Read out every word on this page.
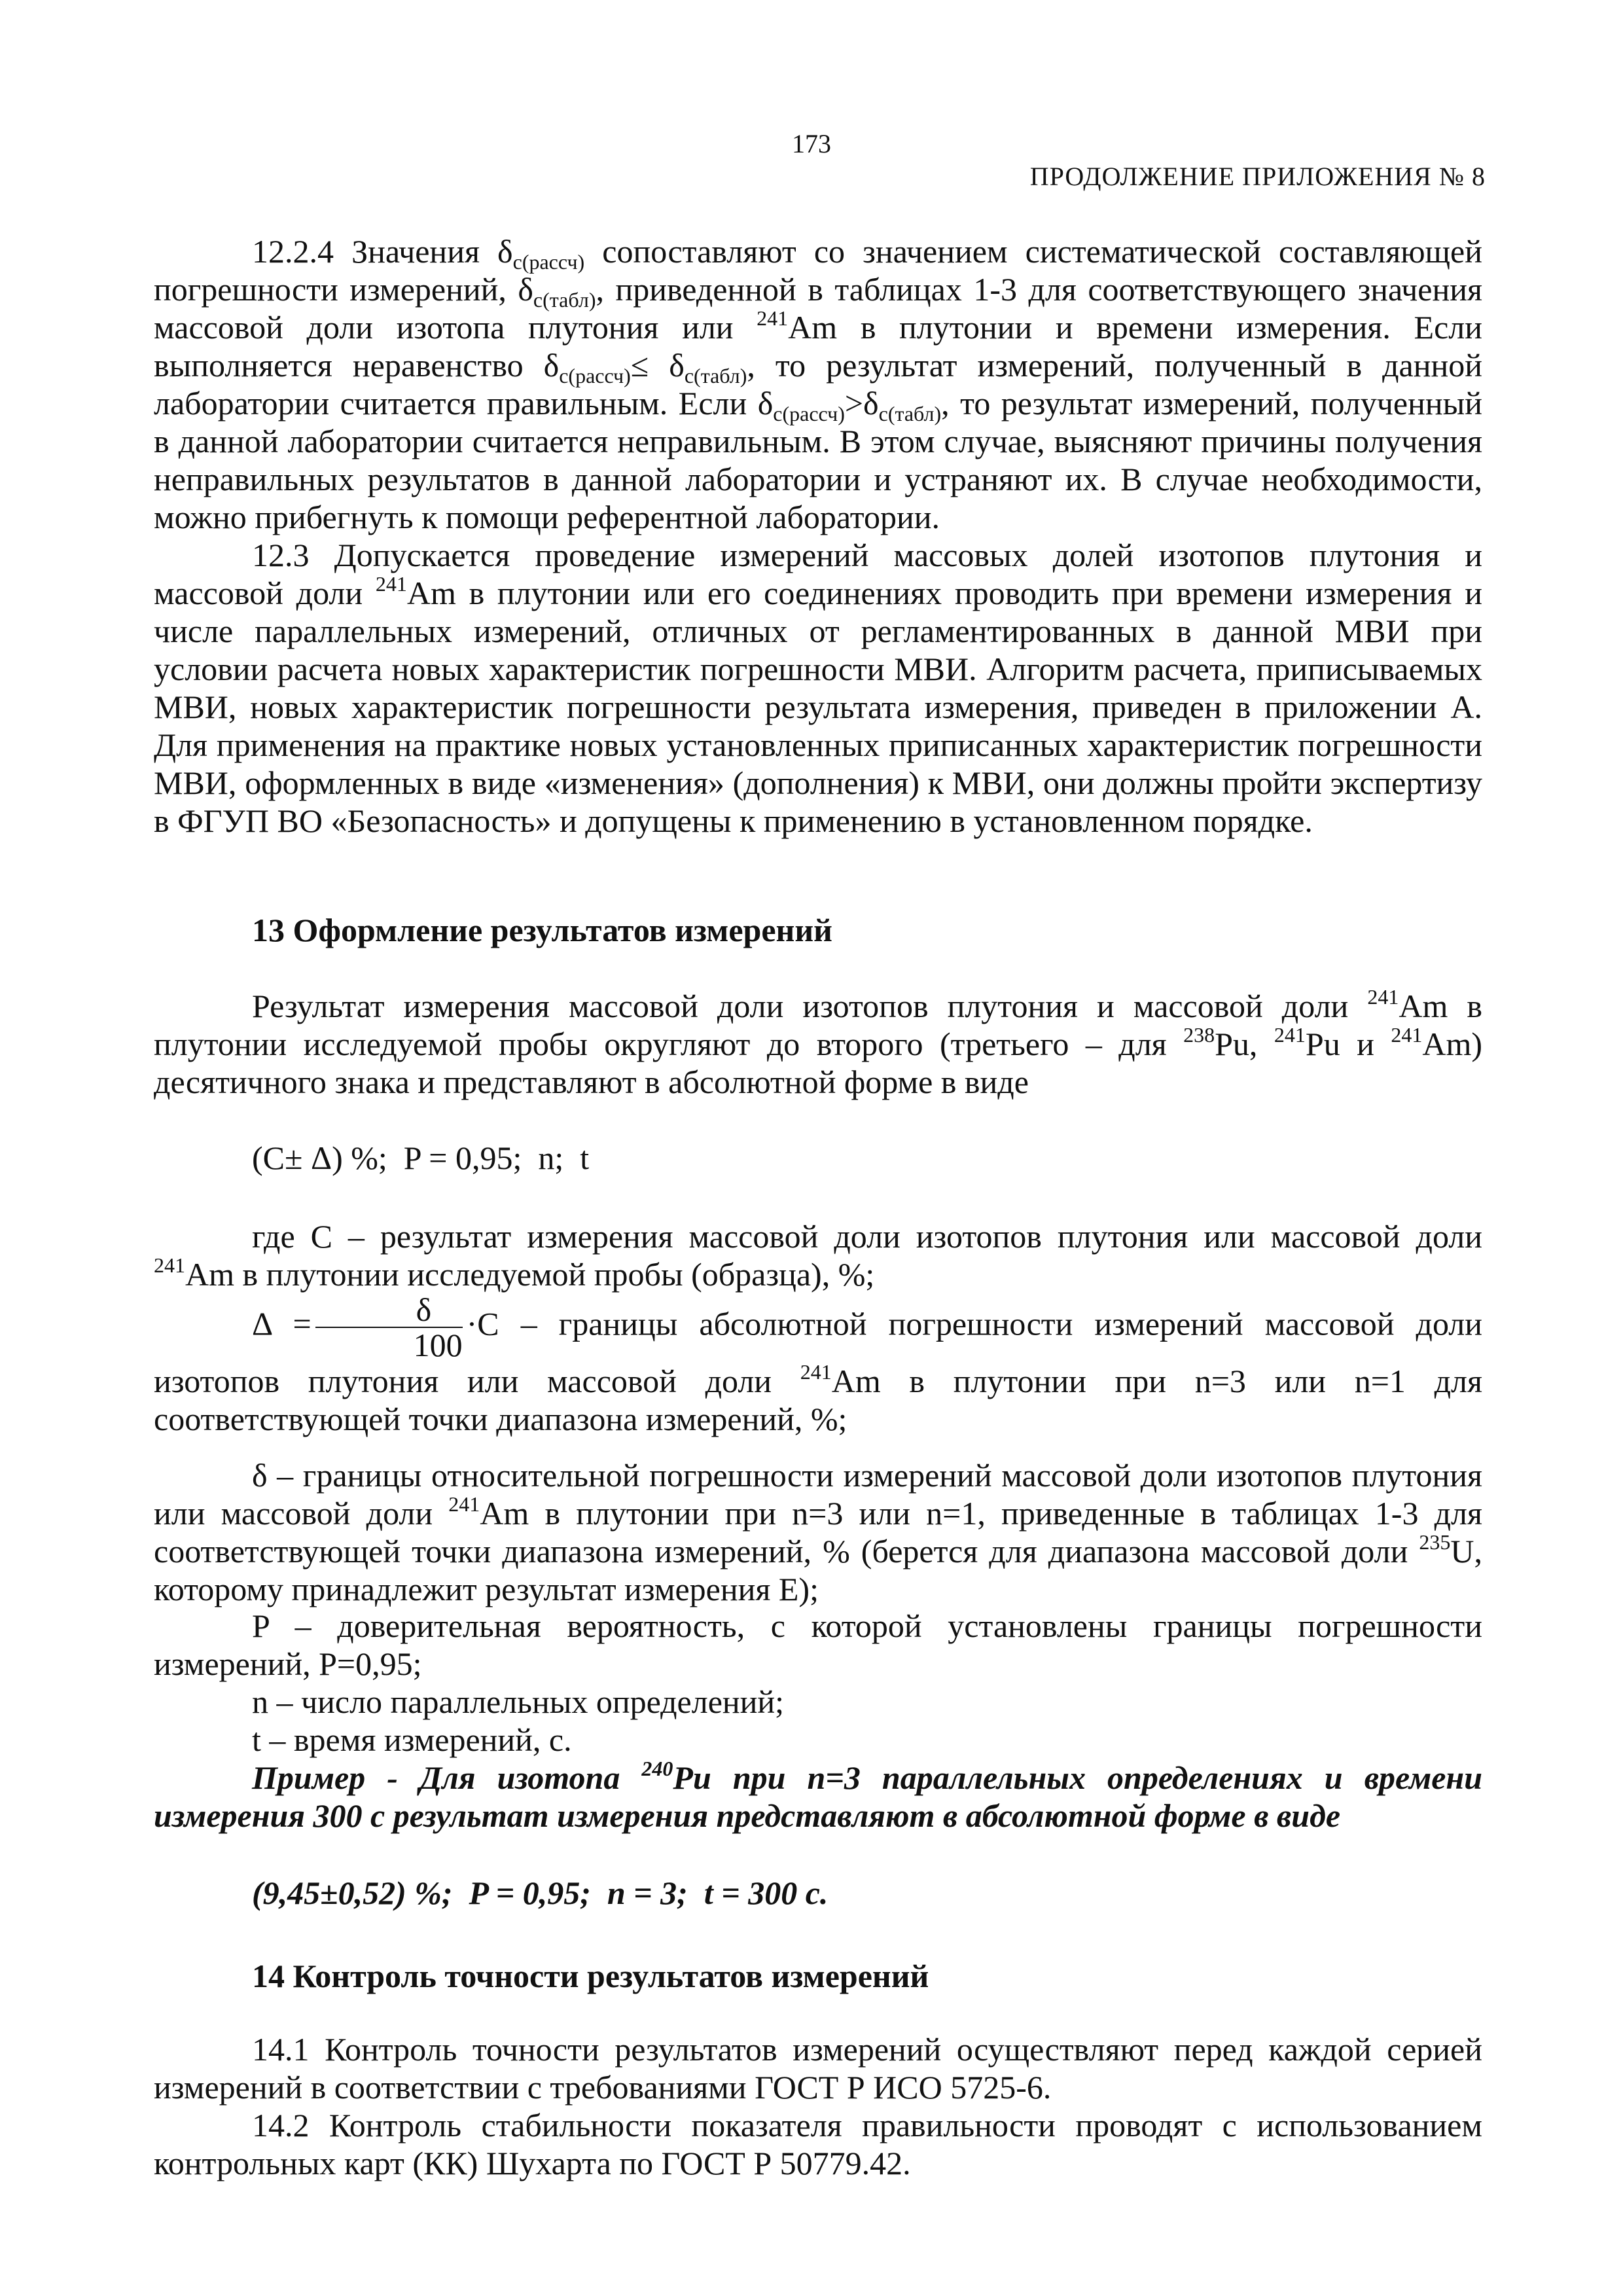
173

ПРОДОЛЖЕНИЕ ПРИЛОЖЕНИЯ № 8

12.2.4 Значения $\delta_{с(рассч)}$ сопоставляют со значением систематической составляющей погрешности измерений, $\delta_{с(табл)}$, приведенной в таблицах 1-3 для соответствующего значения массовой доли изотопа плутония или $^{241}$Am в плутонии и времени измерения. Если выполняется неравенство $\delta_{с(рассч)}\le \delta_{с(табл)}$, то результат измерений, полученный в данной лаборатории считается правильным. Если $\delta_{с(рассч)}>\delta_{с(табл)}$, то результат измерений, полученный в данной лаборатории считается неправильным. В этом случае, выясняют причины получения неправильных результатов в данной лаборатории и устраняют их. В случае необходимости, можно прибегнуть к помощи референтной лаборатории.

12.3 Допускается проведение измерений массовых долей изотопов плутония и массовой доли $^{241}$Am в плутонии или его соединениях проводить при времени измерения и числе параллельных измерений, отличных от регламентированных в данной МВИ при условии расчета новых характеристик погрешности МВИ. Алгоритм расчета, приписываемых МВИ, новых характеристик погрешности результата измерения, приведен в приложении А. Для применения на практике новых установленных приписанных характеристик погрешности МВИ, оформленных в виде «изменения» (дополнения) к МВИ, они должны пройти экспертизу в ФГУП ВО «Безопасность» и допущены к применению в установленном порядке.

13 Оформление результатов измерений

Результат измерения массовой доли изотопов плутония и массовой доли $^{241}$Am в плутонии исследуемой пробы округляют до второго (третьего – для $^{238}$Pu, $^{241}$Pu и $^{241}$Am) десятичного знака и представляют в абсолютной форме в виде

(C± Δ) %;  P = 0,95;  n;  t

где C – результат измерения массовой доли изотопов плутония или массовой доли $^{241}$Am в плутонии исследуемой пробы (образца), %;

$\Delta = \frac{\delta}{100} \cdot C$ – границы абсолютной погрешности измерений массовой доли изотопов плутония или массовой доли $^{241}$Am в плутонии при n=3 или n=1 для соответствующей точки диапазона измерений, %;

δ – границы относительной погрешности измерений массовой доли изотопов плутония или массовой доли $^{241}$Am в плутонии при n=3 или n=1, приведенные в таблицах 1-3 для соответствующей точки диапазона измерений, % (берется для диапазона массовой доли $^{235}$U, которому принадлежит результат измерения E);

P – доверительная вероятность, с которой установлены границы погрешности измерений, P=0,95;

n – число параллельных определений;

t – время измерений, с.

Пример - Для изотопа $^{240}$Pu при n=3 параллельных определениях и времени измерения 300 с результат измерения представляют в абсолютной форме в виде

(9,45±0,52) %;  P = 0,95;  n = 3;  t = 300 с.

14 Контроль точности результатов измерений

14.1 Контроль точности результатов измерений осуществляют перед каждой серией измерений в соответствии с требованиями ГОСТ Р ИСО 5725-6.

14.2 Контроль стабильности показателя правильности проводят с использованием контрольных карт (КК) Шухарта по ГОСТ Р 50779.42.
